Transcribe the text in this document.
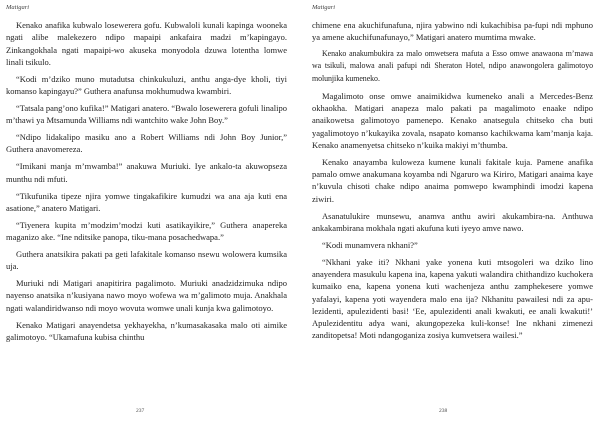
Matigari

Kenako anafika kubwalo losewerera gofu. Kubwaloli kunali kapinga wooneka ngati alibe malekezero ndipo mapaipi ankafaira madzi m’kapingayo. Zinkangokhala ngati mapaipi-wo akuseka monyodola dzuwa lotentha lomwe linali tsikulo.

“Kodi m’dziko muno mutadutsa chinkukuluzi, anthu anga-dye kholi, tiyi komanso kapingayu?” Guthera anafunsa mokhumudwa kwambiri.

“Tatsala pang’ono kufika!” Matigari anatero. “Bwalo losewerera gofuli linalipo m’thawi ya Mtsamunda Williams ndi wantchito wake John Boy.”

“Ndipo lidakalipo masiku ano a Robert Williams ndi John Boy Junior,” Guthera anavomereza.

“Imikani manja m’mwamba!” anakuwa Muriuki. Iye ankalo-ta akuwopseza munthu ndi mfuti.

“Tikufunika tipeze njira yomwe tingakafikire kumudzi wa ana aja kuti ena asatione,” anatero Matigari.

“Tiyenera kupita m’modzim’modzi kuti asatikayikire,” Guthera anapereka maganizo ake. “Ine nditsike panopa, tiku-mana posachedwapa.”

Guthera anatsikira pakati pa geti lafakitale komanso nsewu wolowera kumsika uja.

Muriuki ndi Matigari anapitirira pagalimoto. Muriuki anadzidzimuka ndipo nayenso anatsika n’kusiyana nawo moyo wofewa wa m’galimoto muja. Anakhala ngati walandiridwanso ndi moyo wovuta womwe unali kunja kwa galimotoyo.

Kenako Matigari anayendetsa yekhayekha, n’kumasakasaka malo oti aimike galimotoyo. “Ukamafuna kubisa chinthu

237
Matigari

chimene ena akuchifunafuna, njira yabwino ndi kukachibisa pa-fupi ndi mphuno ya amene akuchifunafunayo,” Matigari anatero mumtima mwake.

Kenako anakumbukira za malo omwetsera mafuta a Esso omwe anawaona m’mawa wa tsikuli, malowa anali pafupi ndi Sheraton Hotel, ndipo anawongolera galimotoyo molunjika kumeneko.

Magalimoto onse omwe anaimikidwa kumeneko anali a Mercedes-Benz okhaokha. Matigari anapeza malo pakati pa magalimoto enaake ndipo anaikowetsa galimotoyo pamenepo. Kenako anatsegula chitseko cha buti yagalimotoyo n’kukayika zovala, nsapato komanso kachikwama kam’manja kaja. Kenako anamenyetsa chitseko n’kuika makiyi m’thumba.

Kenako anayamba kuloweza kumene kunali fakitale kuja. Pamene anafika pamalo omwe anakumana koyamba ndi Ngaruro wa Kiriro, Matigari anaima kaye n’kuvula chisoti chake ndipo anaima pomwepo kwamphindi imodzi kapena ziwiri.

Asanatulukire munsewu, anamva anthu awiri akukambira-na. Anthuwa ankakambirana mokhala ngati akufuna kuti iyeyo amve nawo.

“Kodi munamvera nkhani?”

“Nkhani yake iti? Nkhani yake yonena kuti mtsogoleri wa dziko lino anayendera masukulu kapena ina, kapena yakuti walandira chithandizo kuchokera kumaiko ena, kapena yonena kuti wachenjeza anthu zamphekesere yomwe yafalayi, kapena yoti wayendera malo ena ija? Nkhanitu pawailesi ndi za apu-lezidenti, apulezidenti basi! ‘Ee, apulezidenti anali kwakuti, ee anali kwakuti!’ Apulezidentitu adya wani, akungopezeka kuli-konse! Ine nkhani zimenezi zanditopetsa! Moti ndangoganiza zosiya kumvetsera wailesi.”

238
